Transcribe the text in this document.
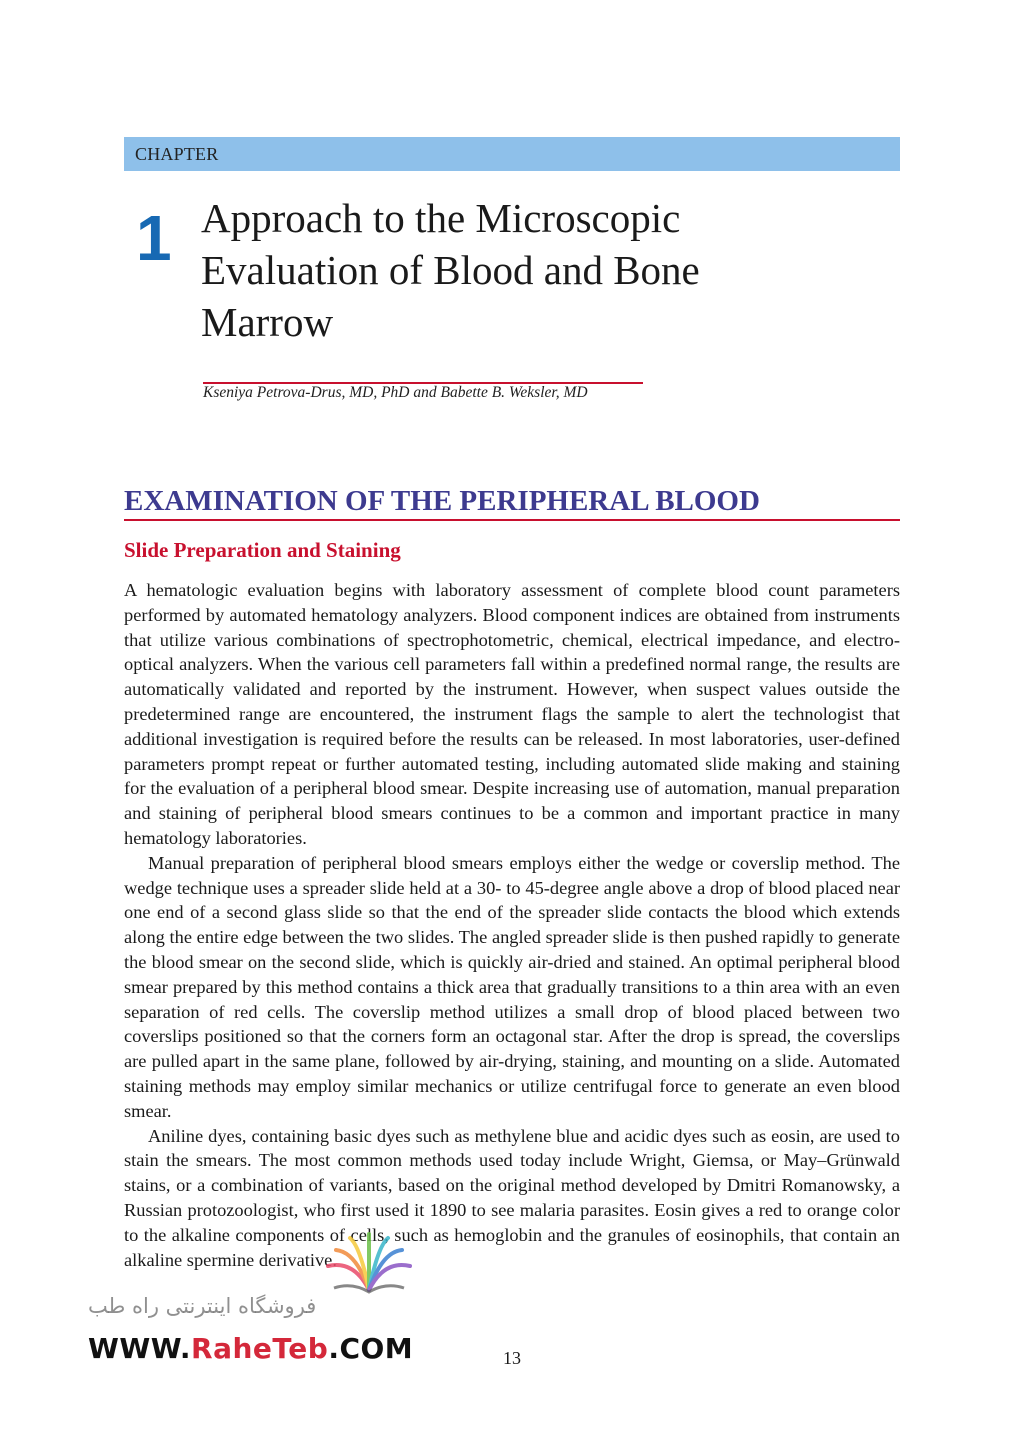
CHAPTER
1 Approach to the Microscopic Evaluation of Blood and Bone Marrow
Kseniya Petrova-Drus, MD, PhD and Babette B. Weksler, MD
EXAMINATION OF THE PERIPHERAL BLOOD
Slide Preparation and Staining

A hematologic evaluation begins with laboratory assessment of complete blood count parameters performed by automated hematology analyzers. Blood component indices are obtained from instruments that utilize various combinations of spectrophotometric, chemical, electrical impedance, and electro-optical analyzers. When the various cell parameters fall within a predefined normal range, the results are automatically validated and reported by the instrument. However, when suspect values outside the predetermined range are encountered, the instrument flags the sample to alert the technologist that additional investigation is required before the results can be released. In most laboratories, user-defined parameters prompt repeat or further automated testing, including automated slide making and staining for the evaluation of a peripheral blood smear. Despite increasing use of automation, manual preparation and staining of peripheral blood smears continues to be a common and important practice in many hematology laboratories.

Manual preparation of peripheral blood smears employs either the wedge or coverslip method. The wedge technique uses a spreader slide held at a 30- to 45-degree angle above a drop of blood placed near one end of a second glass slide so that the end of the spreader slide contacts the blood which extends along the entire edge between the two slides. The angled spreader slide is then pushed rapidly to generate the blood smear on the second slide, which is quickly air-dried and stained. An optimal peripheral blood smear prepared by this method contains a thick area that gradually transitions to a thin area with an even separation of red cells. The coverslip method utilizes a small drop of blood placed between two coverslips positioned so that the corners form an octagonal star. After the drop is spread, the coverslips are pulled apart in the same plane, followed by air-drying, staining, and mounting on a slide. Automated staining methods may employ similar mechanics or utilize centrifugal force to generate an even blood smear.

Aniline dyes, containing basic dyes such as methylene blue and acidic dyes such as eosin, are used to stain the smears. The most common methods used today include Wright, Giemsa, or May–Grünwald stains, or a combination of variants, based on the original method developed by Dmitri Romanowsky, a Russian protozoologist, who first used it 1890 to see malaria parasites. Eosin gives a red to orange color to the alkaline components of cells, such as hemoglobin and the granules of eosinophils, that contain an alkaline spermine derivative.

13
فروشگاه اینترنتی راه طب
WWW.RaheTeb.COM
